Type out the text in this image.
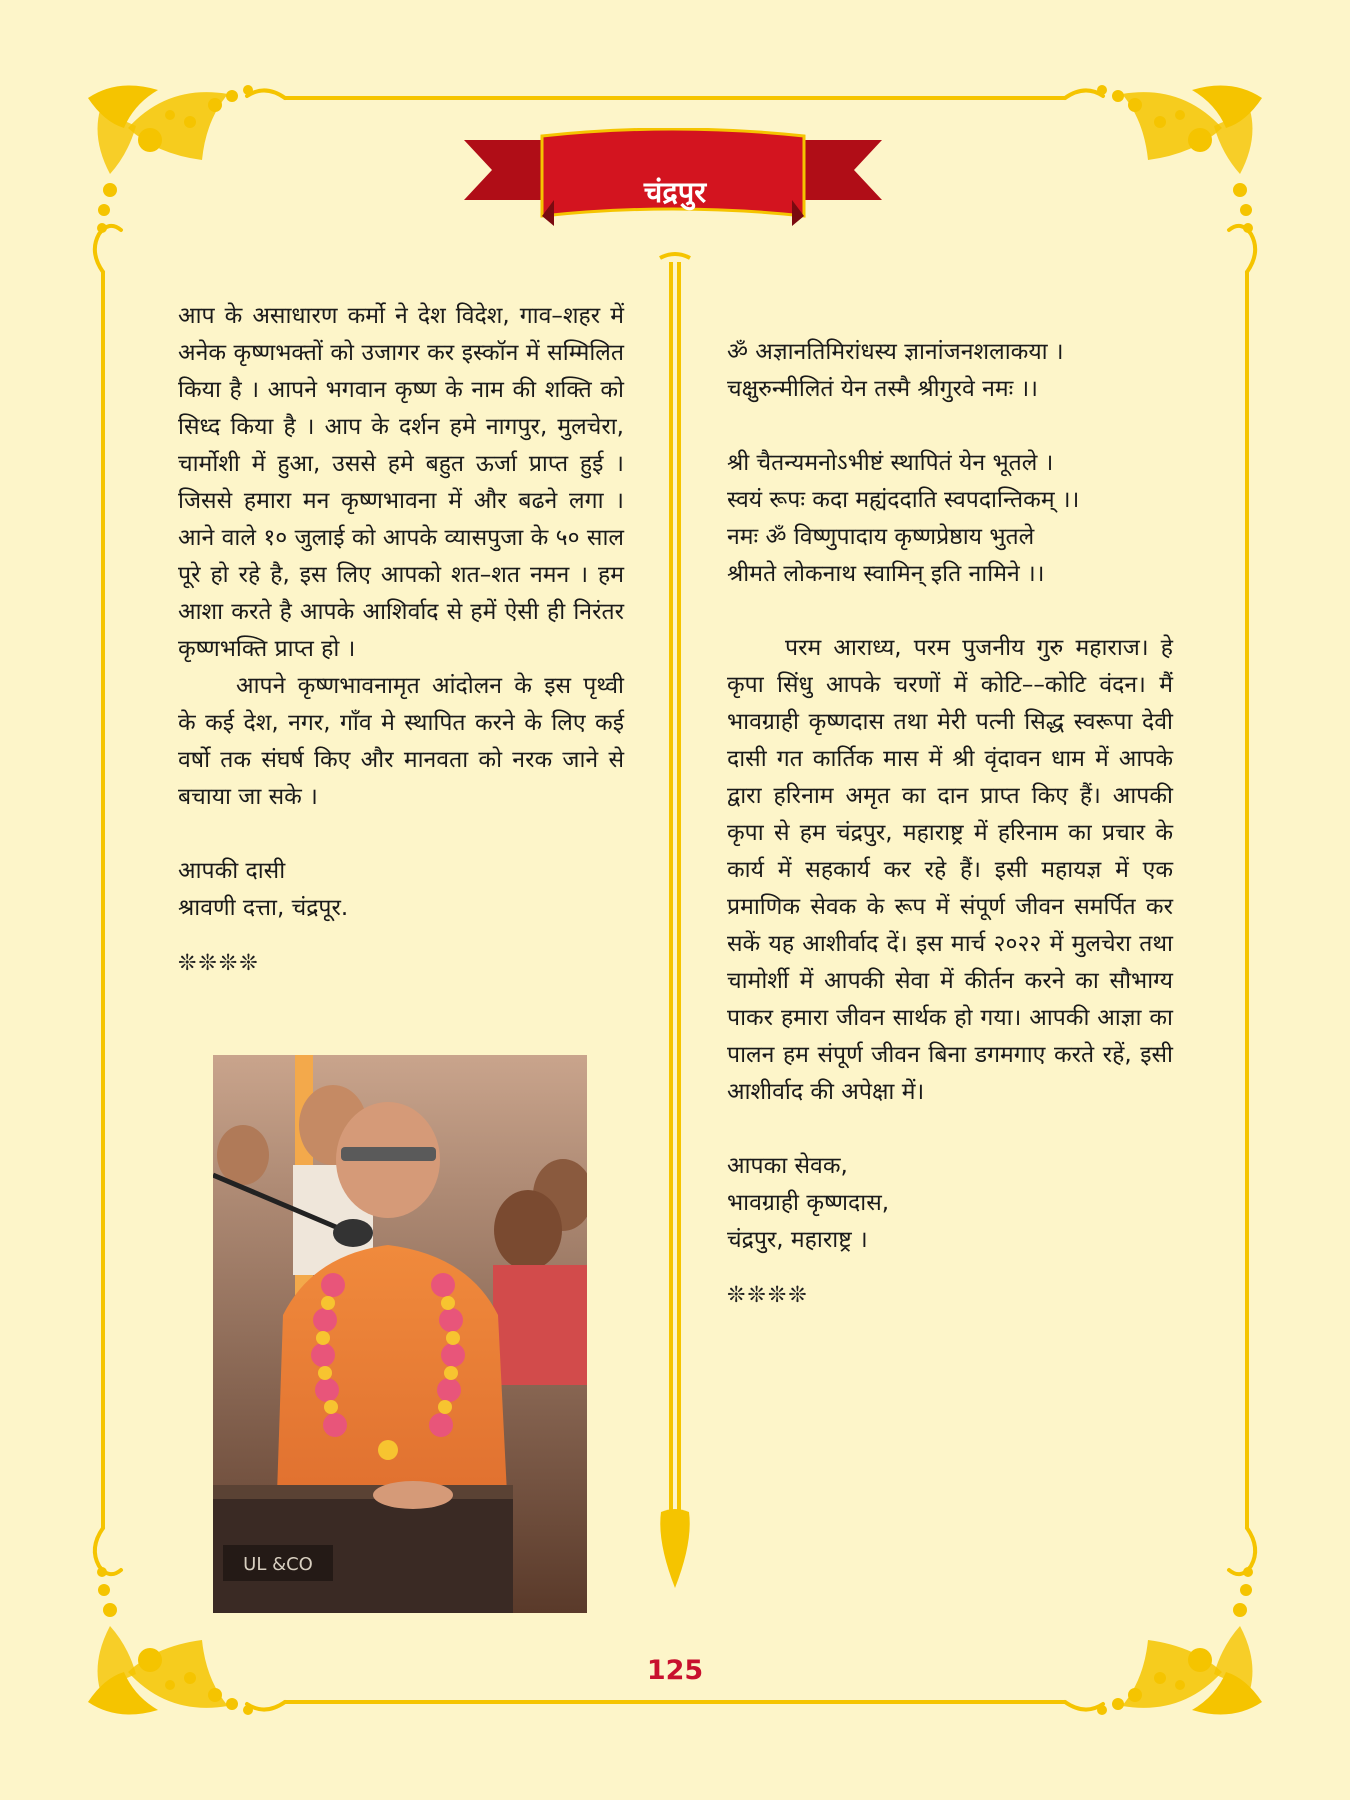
चंद्रपुर

आप के असाधारण कर्मो ने देश विदेश, गाव–शहर में अनेक कृष्णभक्तों को उजागर कर इस्कॉन में सम्मिलित किया है । आपने भगवान कृष्ण के नाम की शक्ति को सिध्द किया है । आप के दर्शन हमे नागपुर, मुलचेरा, चार्मोशी में हुआ, उससे हमे बहुत ऊर्जा प्राप्त हुई । जिससे हमारा मन कृष्णभावना में और बढने लगा । आने वाले १० जुलाई को आपके व्यासपुजा के ५० साल पूरे हो रहे है, इस लिए आपको शत–शत नमन । हम आशा करते है आपके आशिर्वाद से हमें ऐसी ही निरंतर कृष्णभक्ति प्राप्त हो ।

आपने कृष्णभावनामृत आंदोलन के इस पृथ्वी के कई देश, नगर, गाँव मे स्थापित करने के लिए कई वर्षो तक संघर्ष किए और मानवता को नरक जाने से बचाया जा सके ।

आपकी दासी

श्रावणी दत्ता, चंद्रपूर.

❊❊❊❊
UL &CO

ॐ अज्ञानतिमिरांधस्य ज्ञानांजनशलाकया ।

चक्षुरुन्मीलितं येन तस्मै श्रीगुरवे नमः ।।

श्री चैतन्यमनोऽभीष्टं स्थापितं येन भूतले ।

स्वयं रूपः कदा मह्यंददाति स्वपदान्तिकम् ।।

नमः ॐ विष्णुपादाय कृष्णप्रेष्ठाय भुतले

श्रीमते लोकनाथ स्वामिन् इति नामिने ।।

परम आराध्य, परम पुजनीय गुरु महाराज। हे कृपा सिंधु आपके चरणों में कोटि––कोटि वंदन। मैं भावग्राही कृष्णदास तथा मेरी पत्नी सिद्ध स्वरूपा देवी दासी गत कार्तिक मास में श्री वृंदावन धाम में आपके द्वारा हरिनाम अमृत का दान प्राप्त किए हैं। आपकी कृपा से हम चंद्रपुर, महाराष्ट्र में हरिनाम का प्रचार के कार्य में सहकार्य कर रहे हैं। इसी महायज्ञ में एक प्रमाणिक सेवक के रूप में संपूर्ण जीवन समर्पित कर सकें यह आशीर्वाद दें। इस मार्च २०२२ में मुलचेरा तथा चामोर्शी में आपकी सेवा में कीर्तन करने का सौभाग्य पाकर हमारा जीवन सार्थक हो गया। आपकी आज्ञा का पालन हम संपूर्ण जीवन बिना डगमगाए करते रहें, इसी आशीर्वाद की अपेक्षा में।

आपका सेवक,

भावग्राही कृष्णदास,

चंद्रपुर, महाराष्ट्र ।

❊❊❊❊
125
